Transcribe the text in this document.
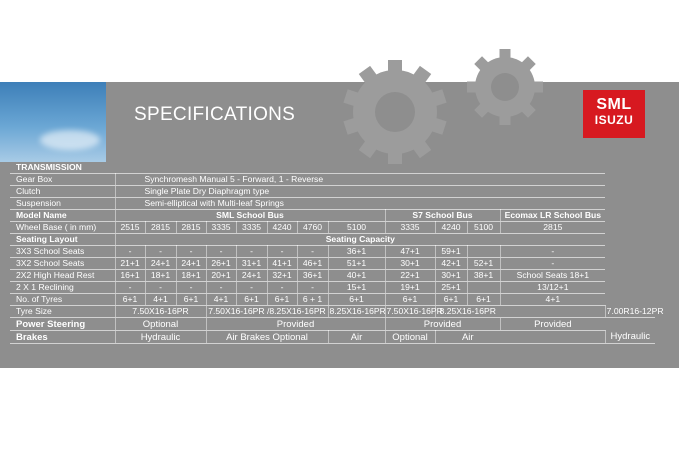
SPECIFICATIONS	SML
ISUZU
TRANSMISSION													
Gear Box	Synchromesh Manual 5 - Forward, 1 - Reverse												
Clutch	Single Plate Dry Diaphragm type												
Suspension	Semi-elliptical with Multi-leaf Springs												
Model Name	SML School Bus								S7 School Bus			Ecomax LR School Bus	
Wheel Base ( in mm)	2515	2815	2815	3335	3335	4240	4760	5100	3335	4240	5100	2815	
Seating Layout	Seating Capacity												
3X3 School Seats	-	-	-	-	-	-	-	36+1	47+1	59+1		-	
3X2 School Seats	21+1	24+1	24+1	26+1	31+1	41+1	46+1	51+1	30+1	42+1	52+1	-	
2X2 High Head Rest	16+1	18+1	18+1	20+1	24+1	32+1	36+1	40+1	22+1	30+1	38+1	School Seats 18+1	
2 X 1 Reclining	-	-	-	-	-	-	-	15+1	19+1	25+1		13/12+1	
No. of Tyres	6+1	4+1	6+1	4+1	6+1	6+1	6 + 1	6+1	6+1	6+1	6+1	4+1	
Tyre Size	7.50X16-16PR			7.50X16-16PR /8.25X16-16PR				8.25X16-16PR	7.50X16-16PR	8.25X16-16PR			7.00R16-12PR
Power Steering	Optional			Provided					Provided			Provided	
Brakes	Hydraulic			Air Brakes Optional				Air	Optional	Air			Hydraulic
